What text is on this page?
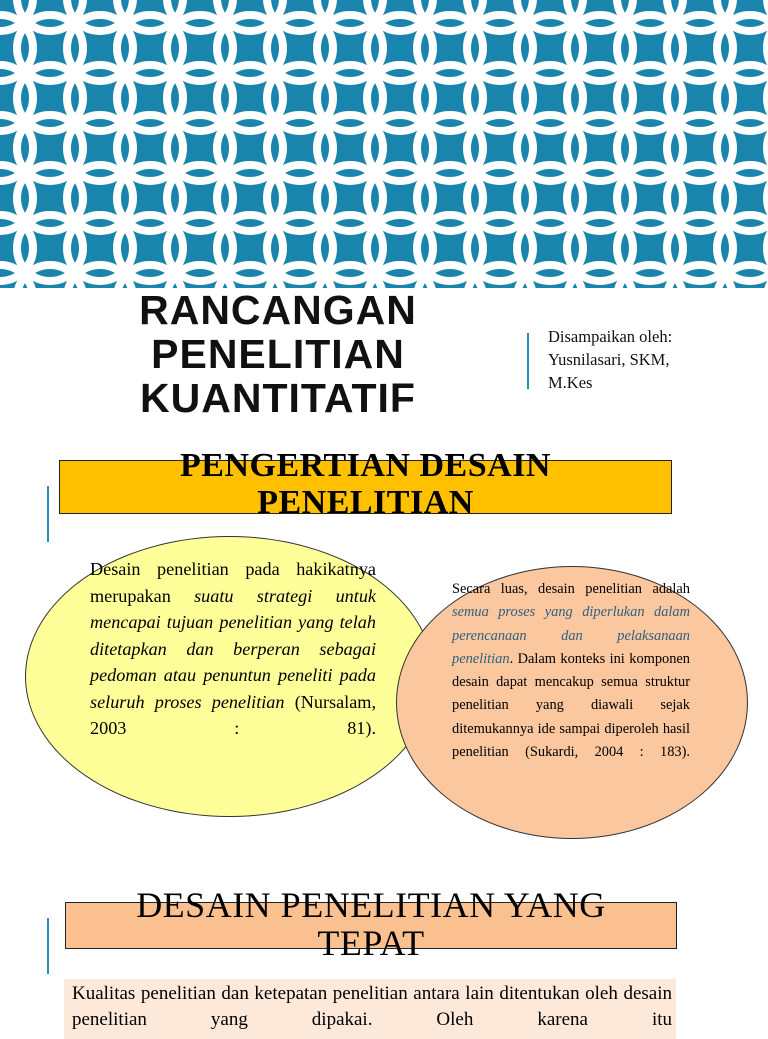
RANCANGAN
PENELITIAN
KUANTITATIF
Disampaikan oleh:
Yusnilasari, SKM,
M.Kes
PENGERTIAN DESAIN
PENELITIAN
Desain penelitian pada hakikatnya merupakan suatu strategi untuk mencapai tujuan penelitian yang telah ditetapkan dan berperan sebagai pedoman atau penuntun peneliti pada seluruh proses penelitian (Nursalam, 2003 : 81).
Secara luas, desain penelitian adalah semua proses yang diperlukan dalam perencanaan dan pelaksanaan penelitian. Dalam konteks ini komponen desain dapat mencakup semua struktur penelitian yang diawali sejak ditemukannya ide sampai diperoleh hasil penelitian (Sukardi, 2004 : 183).
DESAIN PENELITIAN YANG
TEPAT
Kualitas penelitian dan ketepatan penelitian antara lain ditentukan oleh desain penelitian yang dipakai. Oleh karena itu
